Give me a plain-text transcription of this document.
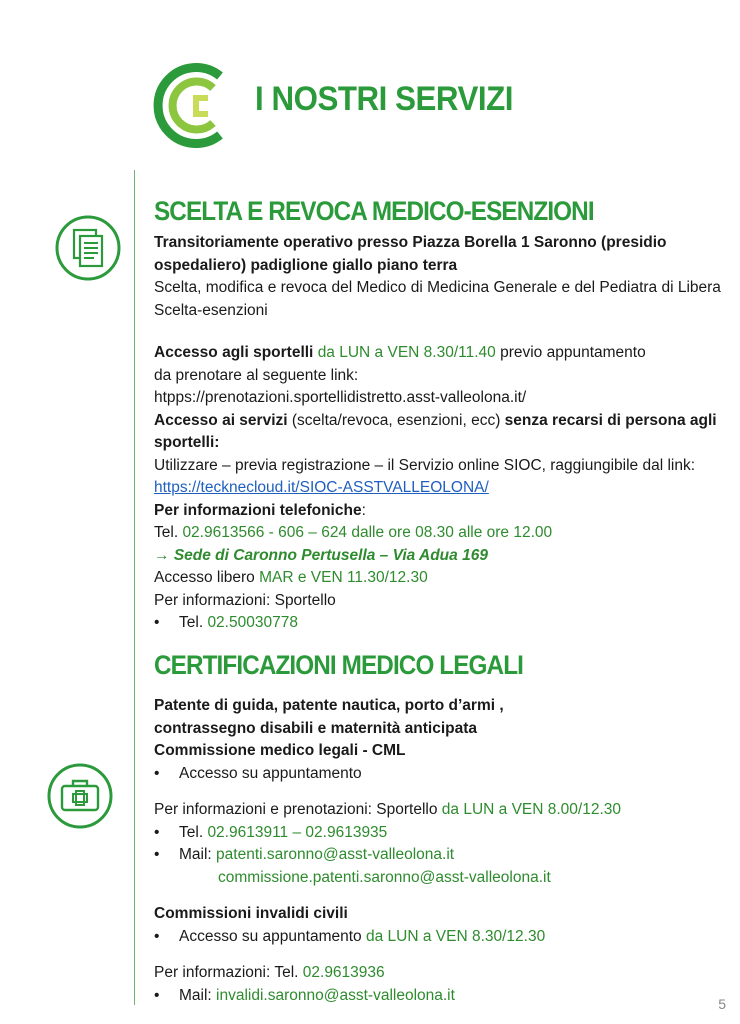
I NOSTRI SERVIZI
SCELTA E REVOCA MEDICO-ESENZIONI

Transitoriamente operativo presso Piazza Borella 1 Saronno (presidio ospedaliero) padiglione giallo piano terra

Scelta, modifica e revoca del Medico di Medicina Generale e del Pediatra di Libera Scelta-esenzioni

Accesso agli sportelli da LUN a VEN 8.30/11.40 previo appuntamento

da prenotare al seguente link:

htpps://prenotazioni.sportellidistretto.asst-valleolona.it/

Accesso ai servizi (scelta/revoca, esenzioni, ecc) senza recarsi di persona agli sportelli:

Utilizzare – previa registrazione – il Servizio online SIOC, raggiungibile dal link:

https://tecknecloud.it/SIOC-ASSTVALLEOLONA/

Per informazioni telefoniche:

Tel. 02.9613566 - 606 – 624 dalle ore 08.30 alle ore 12.00

→ Sede di Caronno Pertusella – Via Adua 169

Accesso libero MAR e VEN 11.30/12.30

Per informazioni: Sportello

•	Tel. 02.50030778
CERTIFICAZIONI MEDICO LEGALI

Patente di guida, patente nautica, porto d’armi ,

contrassegno disabili e maternità anticipata

Commissione medico legali - CML

•	Accesso su appuntamento

Per informazioni e prenotazioni: Sportello da LUN a VEN 8.00/12.30

•	Tel. 02.9613911 – 02.9613935
•	Mail: patenti.saronno@asst-valleolona.it

commissione.patenti.saronno@asst-valleolona.it

Commissioni invalidi civili

•	Accesso su appuntamento da LUN a VEN 8.30/12.30

Per informazioni: Tel. 02.9613936

•	Mail: invalidi.saronno@asst-valleolona.it
5
